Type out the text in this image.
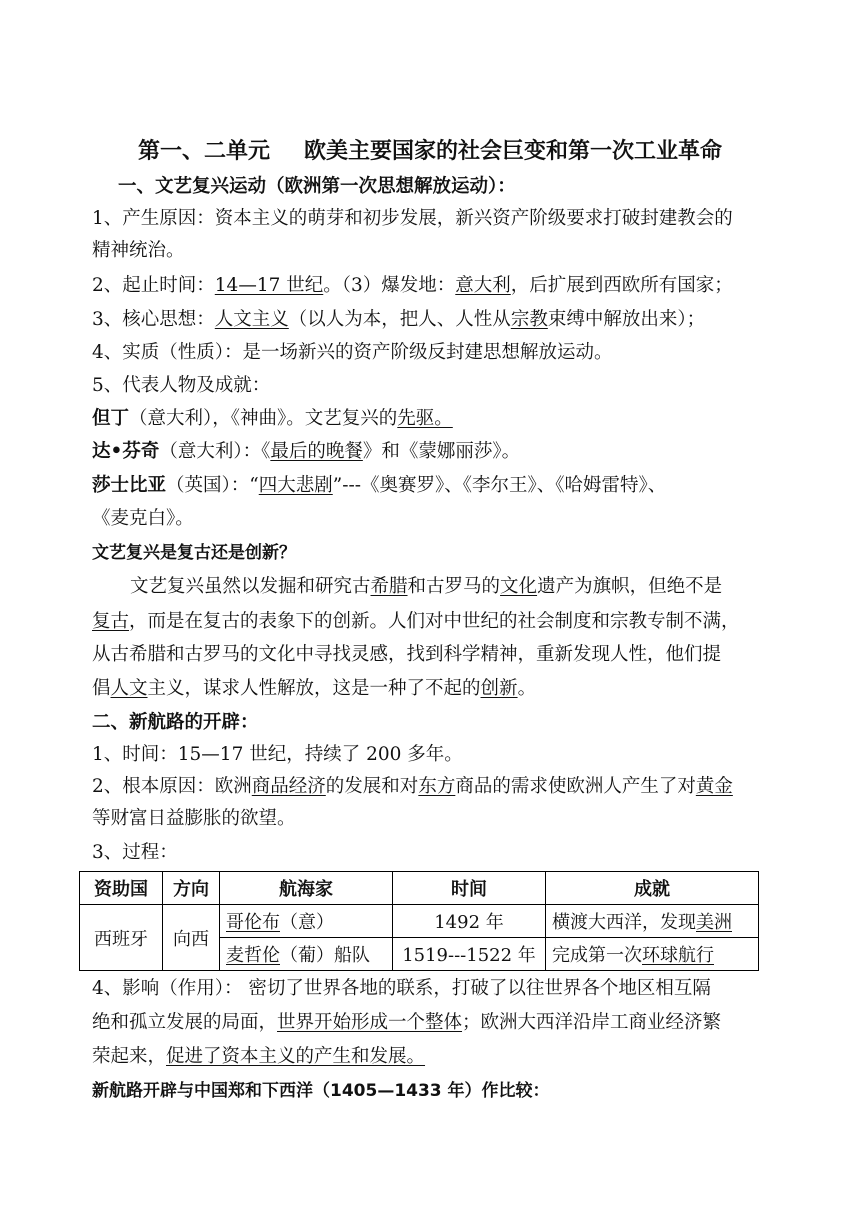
第一、二单元 欧美主要国家的社会巨变和第一次工业革命
一、文艺复兴运动（欧洲第一次思想解放运动）：
1、产生原因：资本主义的萌芽和初步发展，新兴资产阶级要求打破封建教会的
精神统治。
2、起止时间：14—17 世纪。（3）爆发地：意大利，后扩展到西欧所有国家；
3、核心思想：人文主义（以人为本，把人、人性从宗教束缚中解放出来）；
4、实质（性质）：是一场新兴的资产阶级反封建思想解放运动。
5、代表人物及成就：
但丁（意大利），《神曲》。文艺复兴的先驱。
达•芬奇（意大利）：《最后的晚餐》和《蒙娜丽莎》。
莎士比亚（英国）：“四大悲剧”---《奥赛罗》、《李尔王》、《哈姆雷特》、
《麦克白》。
文艺复兴是复古还是创新？
文艺复兴虽然以发掘和研究古希腊和古罗马的文化遗产为旗帜，但绝不是
复古，而是在复古的表象下的创新。人们对中世纪的社会制度和宗教专制不满，
从古希腊和古罗马的文化中寻找灵感，找到科学精神，重新发现人性，他们提
倡人文主义，谋求人性解放，这是一种了不起的创新。
二、新航路的开辟：
1、时间：15—17 世纪，持续了 200 多年。
2、根本原因：欧洲商品经济的发展和对东方商品的需求使欧洲人产生了对黄金
等财富日益膨胀的欲望。
3、过程：
资助国	方向	航海家	时间	成就
西班牙	向西	哥伦布（意）	1492 年	横渡大西洋，发现美洲
		麦哲伦（葡）船队	1519---1522 年	完成第一次环球航行
4、影响（作用）： 密切了世界各地的联系，打破了以往世界各个地区相互隔
绝和孤立发展的局面，世界开始形成一个整体；欧洲大西洋沿岸工商业经济繁
荣起来，促进了资本主义的产生和发展。
新航路开辟与中国郑和下西洋（1405—1433 年）作比较：
